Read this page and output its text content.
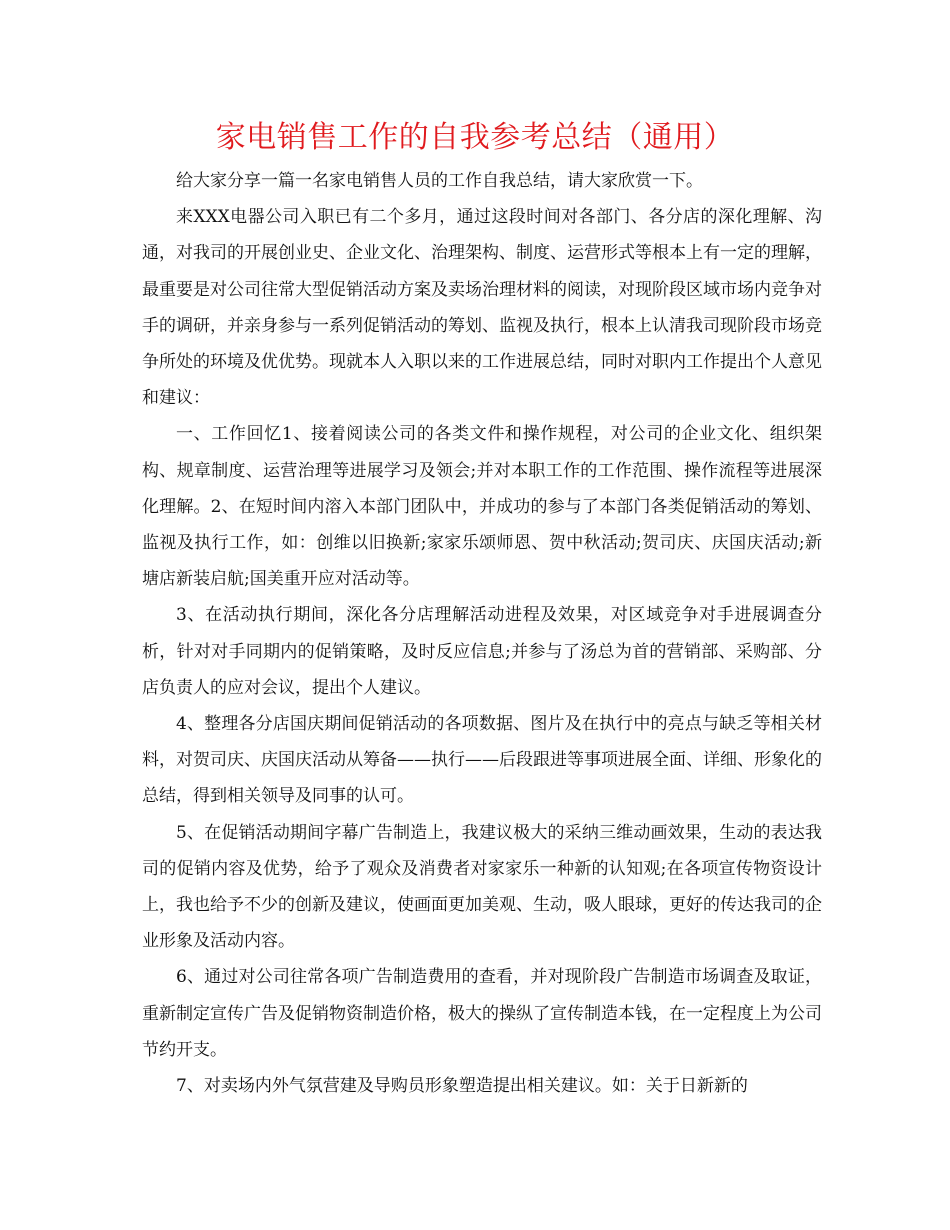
家电销售工作的自我参考总结（通用）

给大家分享一篇一名家电销售人员的工作自我总结，请大家欣赏一下。

来XXX电器公司入职已有二个多月，通过这段时间对各部门、各分店的深化理解、沟通，对我司的开展创业史、企业文化、治理架构、制度、运营形式等根本上有一定的理解，最重要是对公司往常大型促销活动方案及卖场治理材料的阅读，对现阶段区域市场内竞争对手的调研，并亲身参与一系列促销活动的筹划、监视及执行，根本上认清我司现阶段市场竞争所处的环境及优优势。现就本人入职以来的工作进展总结，同时对职内工作提出个人意见和建议：

一、工作回忆1、接着阅读公司的各类文件和操作规程，对公司的企业文化、组织架构、规章制度、运营治理等进展学习及领会;并对本职工作的工作范围、操作流程等进展深化理解。2、在短时间内溶入本部门团队中，并成功的参与了本部门各类促销活动的筹划、监视及执行工作，如：创维以旧换新;家家乐颂师恩、贺中秋活动;贺司庆、庆国庆活动;新塘店新装启航;国美重开应对活动等。

3、在活动执行期间，深化各分店理解活动进程及效果，对区域竞争对手进展调查分析，针对对手同期内的促销策略，及时反应信息;并参与了汤总为首的营销部、采购部、分店负责人的应对会议，提出个人建议。

4、整理各分店国庆期间促销活动的各项数据、图片及在执行中的亮点与缺乏等相关材料，对贺司庆、庆国庆活动从筹备——执行——后段跟进等事项进展全面、详细、形象化的总结，得到相关领导及同事的认可。

5、在促销活动期间字幕广告制造上，我建议极大的采纳三维动画效果，生动的表达我司的促销内容及优势，给予了观众及消费者对家家乐一种新的认知观;在各项宣传物资设计上，我也给予不少的创新及建议，使画面更加美观、生动，吸人眼球，更好的传达我司的企业形象及活动内容。

6、通过对公司往常各项广告制造费用的查看，并对现阶段广告制造市场调查及取证，重新制定宣传广告及促销物资制造价格，极大的操纵了宣传制造本钱，在一定程度上为公司节约开支。

7、对卖场内外气氛营建及导购员形象塑造提出相关建议。如：关于日新新的
